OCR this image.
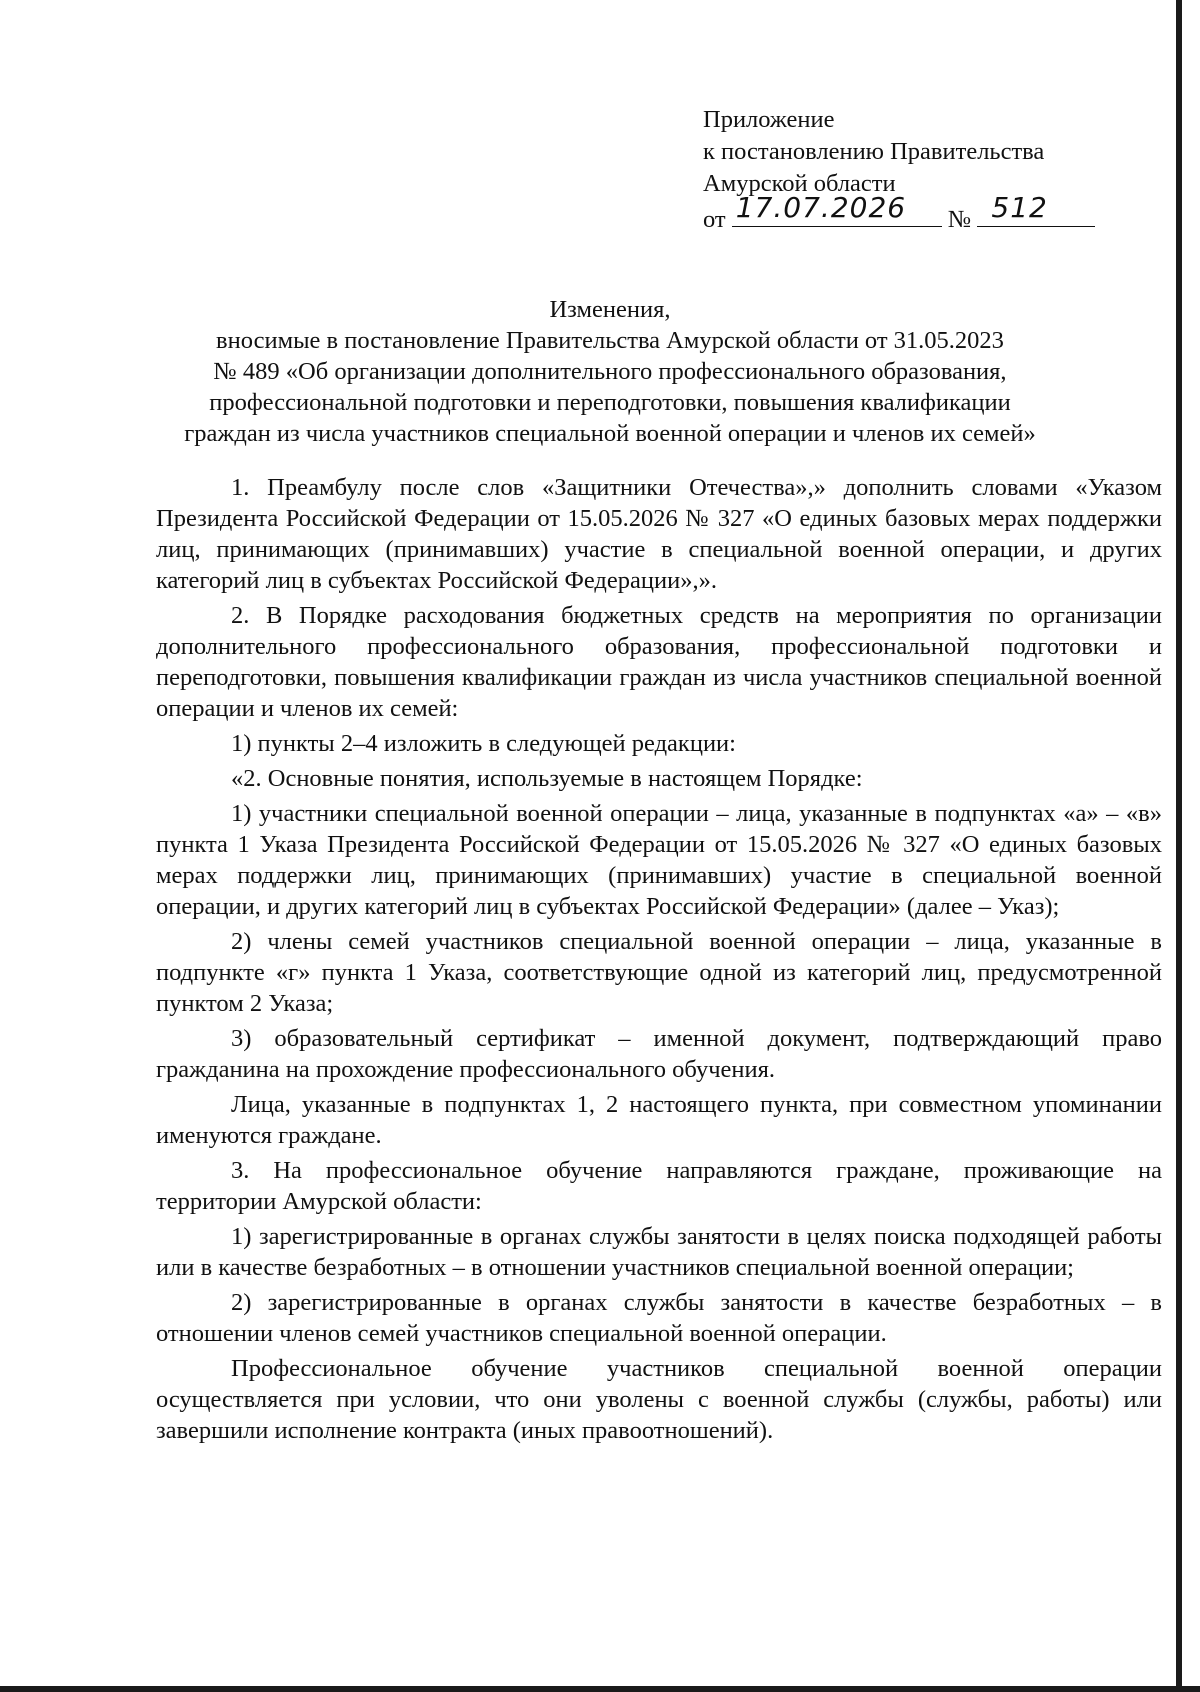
Приложение
к постановлению Правительства
Амурской области
от 17.07.2026 № 512
Изменения,
вносимые в постановление Правительства Амурской области от 31.05.2023
№ 489 «Об организации дополнительного профессионального образования,
профессиональной подготовки и переподготовки, повышения квалификации
граждан из числа участников специальной военной операции и членов их семей»

1. Преамбулу после слов «Защитники Отечества»,» дополнить словами «Указом Президента Российской Федерации от 15.05.2026 № 327 «О единых базовых мерах поддержки лиц, принимающих (принимавших) участие в специальной военной операции, и других категорий лиц в субъектах Российской Федерации»,».

2. В Порядке расходования бюджетных средств на мероприятия по организации дополнительного профессионального образования, профессиональной подготовки и переподготовки, повышения квалификации граждан из числа участников специальной военной операции и членов их семей:

1) пункты 2–4 изложить в следующей редакции:

«2. Основные понятия, используемые в настоящем Порядке:

1) участники специальной военной операции – лица, указанные в подпунктах «а» – «в» пункта 1 Указа Президента Российской Федерации от 15.05.2026 № 327 «О единых базовых мерах поддержки лиц, принимающих (принимавших) участие в специальной военной операции, и других категорий лиц в субъектах Российской Федерации» (далее – Указ);

2) члены семей участников специальной военной операции – лица, указанные в подпункте «г» пункта 1 Указа, соответствующие одной из категорий лиц, предусмотренной пунктом 2 Указа;

3) образовательный сертификат – именной документ, подтверждающий право гражданина на прохождение профессионального обучения.

Лица, указанные в подпунктах 1, 2 настоящего пункта, при совместном упоминании именуются граждане.

3. На профессиональное обучение направляются граждане, проживающие на территории Амурской области:

1) зарегистрированные в органах службы занятости в целях поиска подходящей работы или в качестве безработных – в отношении участников специальной военной операции;

2) зарегистрированные в органах службы занятости в качестве безработных – в отношении членов семей участников специальной военной операции.

Профессиональное обучение участников специальной военной операции осуществляется при условии, что они уволены с военной службы (службы, работы) или завершили исполнение контракта (иных правоотношений).
